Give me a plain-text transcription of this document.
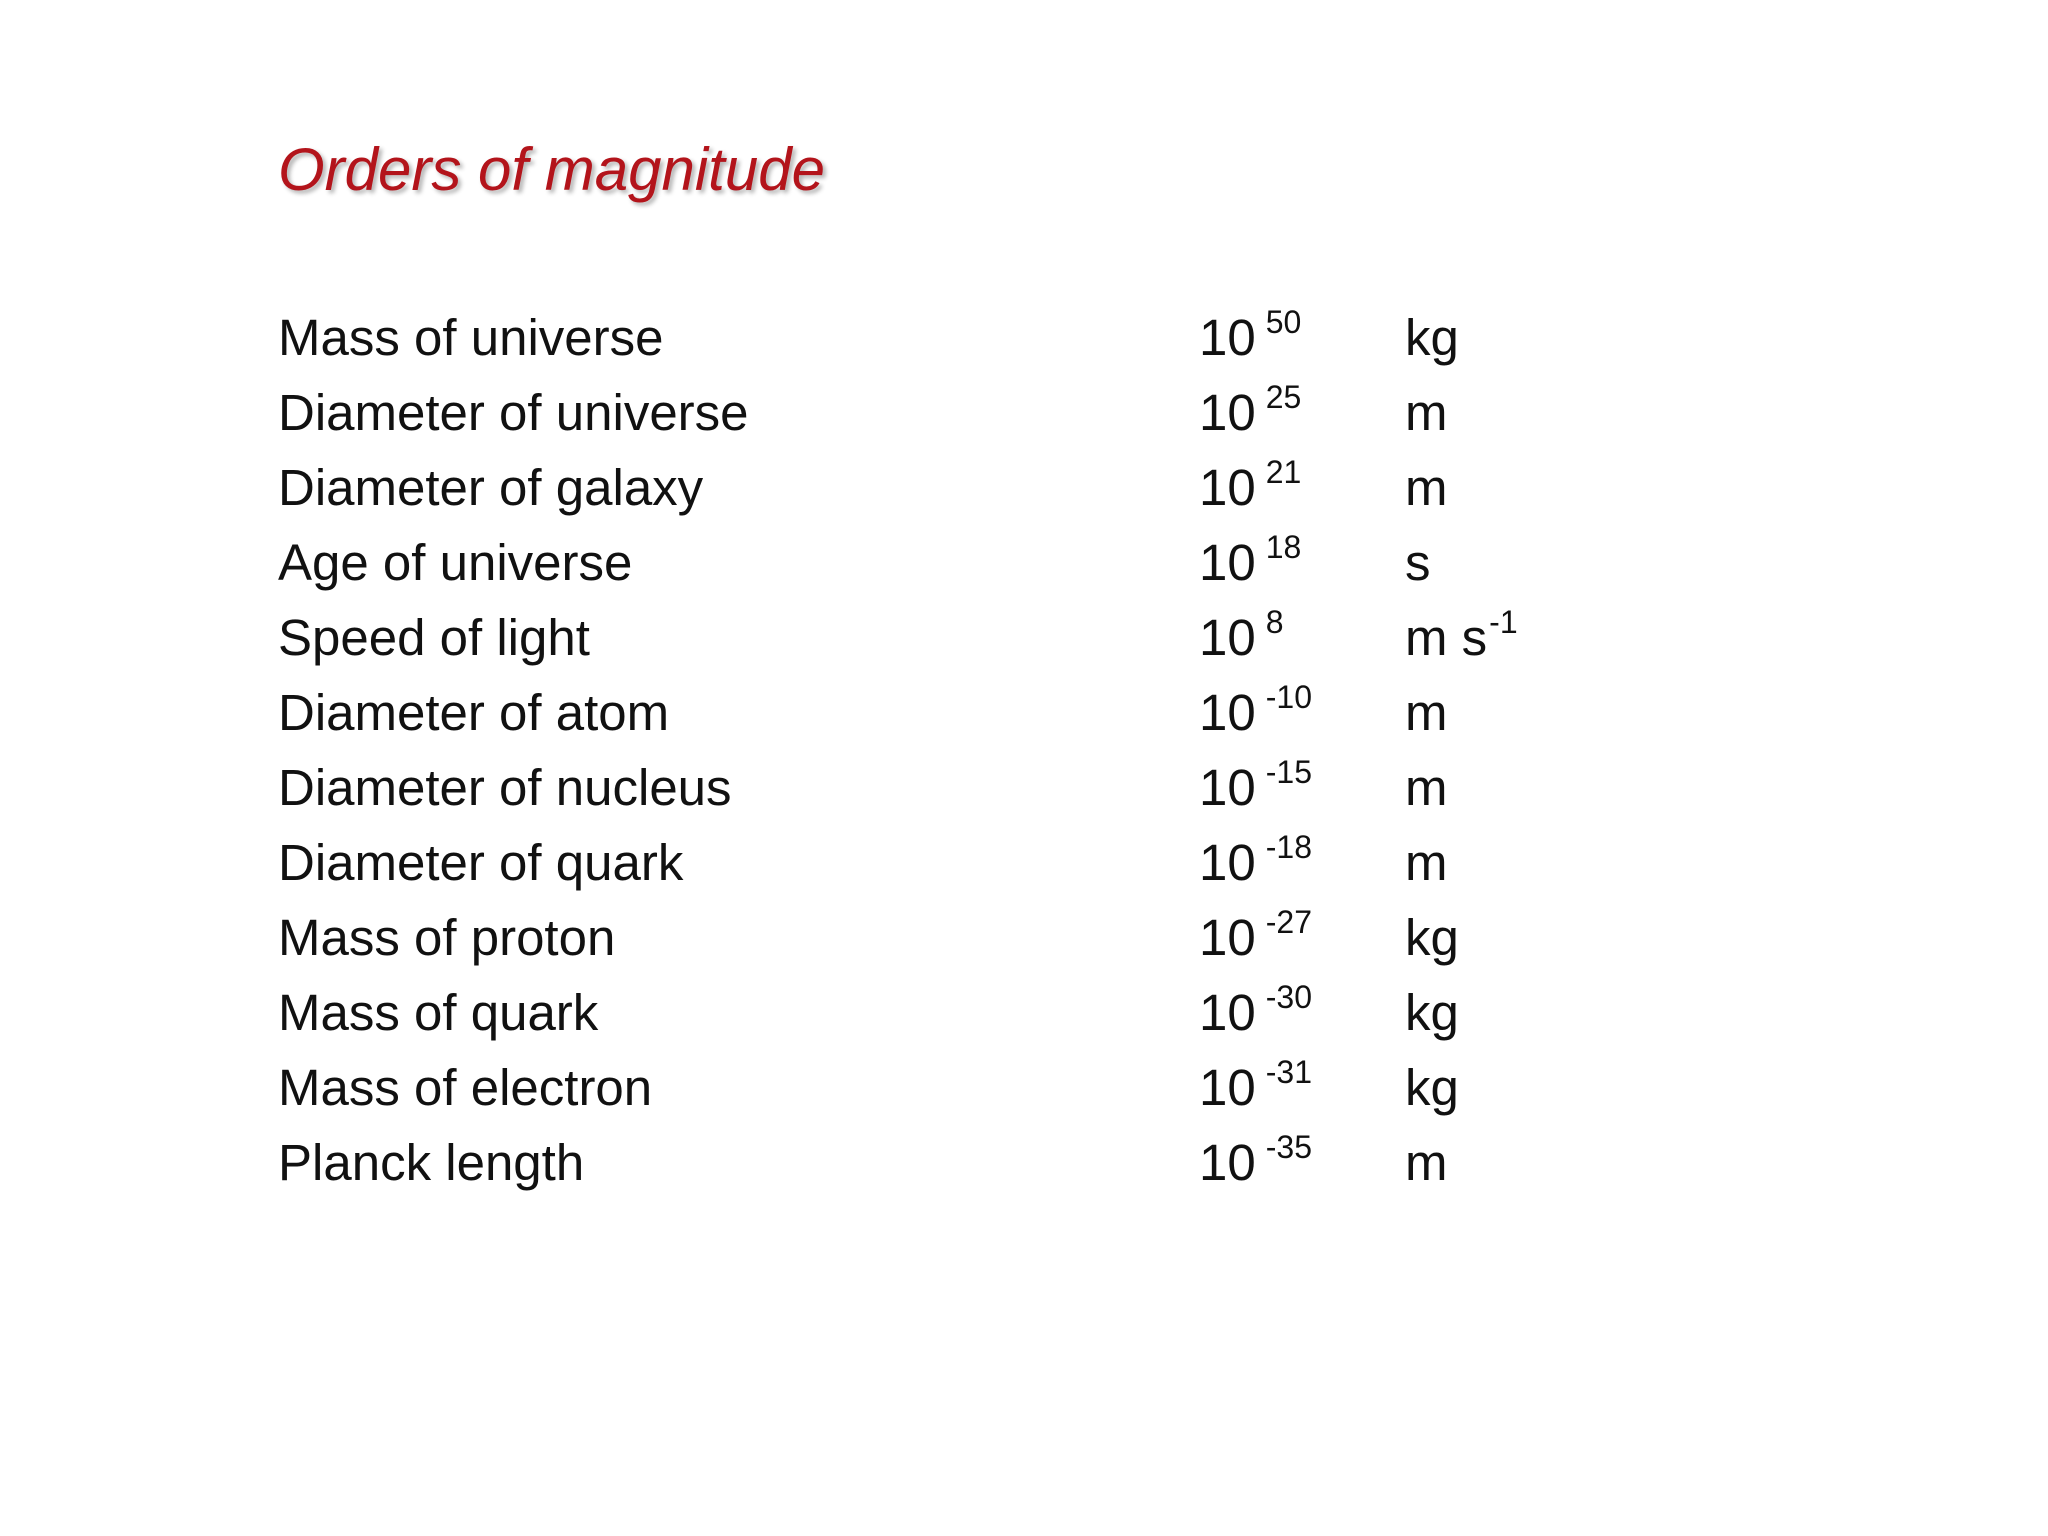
Orders of magnitude
Mass of universe	10 $^{50}$ kg
Diameter of universe	10 $^{25}$ m
Diameter of galaxy	10 $^{21}$ m
Age of universe	10 $^{18}$ s
Speed of light	10 $^8$ m $s^{-1}$
Diameter of atom	10 $^{-10}$ m
Diameter of nucleus	10 $^{-15}$ m
Diameter of quark	10 $^{-18}$ m
Mass of proton	10 $^{-27}$ kg
Mass of quark	10 $^{-30}$ kg
Mass of electron	10 $^{-31}$ kg
Planck length	10 $^{-35}$ m
